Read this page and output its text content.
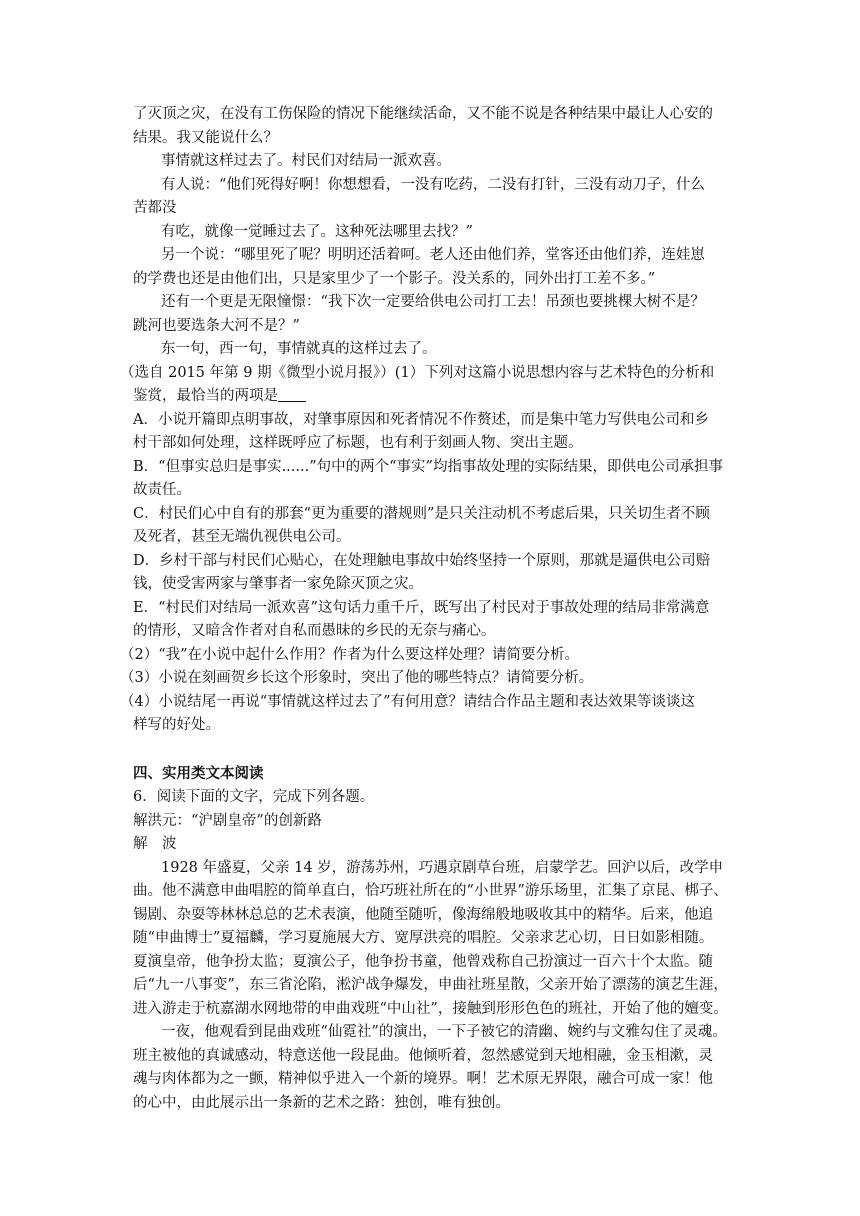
了灭顶之灾，在没有工伤保险的情况下能继续活命，又不能不说是各种结果中最让人心安的
结果。我又能说什么？
事情就这样过去了。村民们对结局一派欢喜。
有人说：“他们死得好啊！你想想看，一没有吃药，二没有打针，三没有动刀子，什么
苦都没
有吃，就像一觉睡过去了。这种死法哪里去找？”
另一个说：“哪里死了呢？明明还活着呵。老人还由他们养，堂客还由他们养，连娃崽
的学费也还是由他们出，只是家里少了一个影子。没关系的，同外出打工差不多。”
还有一个更是无限憧憬：“我下次一定要给供电公司打工去！吊颈也要挑棵大树不是？
跳河也要选条大河不是？”
东一句，西一句，事情就真的这样过去了。
（选自 2015 年第 9 期《微型小说月报》）(1）下列对这篇小说思想内容与艺术特色的分析和
鉴赏，最恰当的两项是
A．小说开篇即点明事故，对肇事原因和死者情况不作赘述，而是集中笔力写供电公司和乡
村干部如何处理，这样既呼应了标题，也有利于刻画人物、突出主题。
B．“但事实总归是事实......”句中的两个“事实”均指事故处理的实际结果，即供电公司承担事
故责任。
C．村民们心中自有的那套“更为重要的潜规则”是只关注动机不考虑后果，只关切生者不顾
及死者，甚至无端仇视供电公司。
D．乡村干部与村民们心贴心，在处理触电事故中始终坚持一个原则，那就是逼供电公司赔
钱，使受害两家与肇事者一家免除灭顶之灾。
E．“村民们对结局一派欢喜”这句话力重千斤，既写出了村民对于事故处理的结局非常满意
的情形，又暗含作者对自私而愚昧的乡民的无奈与痛心。
（2）“我”在小说中起什么作用？作者为什么要这样处理？请简要分析。
（3）小说在刻画贺乡长这个形象时，突出了他的哪些特点？请简要分析。
（4）小说结尾一再说“事情就这样过去了”有何用意？请结合作品主题和表达效果等谈谈这
样写的好处。
四、实用类文本阅读
6．阅读下面的文字，完成下列各题。
解洪元：“沪剧皇帝”的创新路
解　波
1928 年盛夏，父亲 14 岁，游荡苏州，巧遇京剧草台班，启蒙学艺。回沪以后，改学申
曲。他不满意申曲唱腔的简单直白，恰巧班社所在的“小世界”游乐场里，汇集了京昆、梆子、
锡剧、杂耍等林林总总的艺术表演，他随至随听，像海绵般地吸收其中的精华。后来，他追
随“申曲博士”夏福麟，学习夏施展大方、宽厚洪亮的唱腔。父亲求艺心切，日日如影相随。
夏演皇帝，他争扮太监；夏演公子，他争扮书童，他曾戏称自己扮演过一百六十个太监。随
后“九一八事变”，东三省沦陷，淞沪战争爆发，申曲社班星散，父亲开始了漂荡的演艺生涯，
进入游走于杭嘉湖水网地带的申曲戏班“中山社”，接触到形形色色的班社，开始了他的嬗变。
一夜，他观看到昆曲戏班“仙霓社”的演出，一下子被它的清幽、婉约与文雅勾住了灵魂。
班主被他的真诚感动，特意送他一段昆曲。他倾听着，忽然感觉到天地相融，金玉相漱，灵
魂与肉体都为之一颤，精神似乎进入一个新的境界。啊！艺术原无界限，融合可成一家！他
的心中，由此展示出一条新的艺术之路：独创，唯有独创。
